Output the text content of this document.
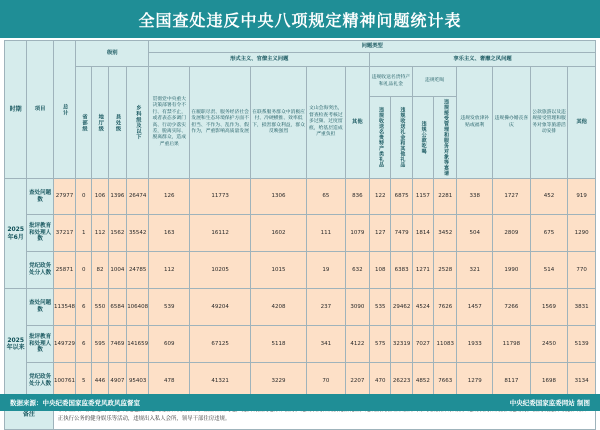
全国查处违反中央八项规定精神问题统计表
时期	项目	总计	级别				问题类型												
							形式主义、官僚主义问题					享乐主义、奢靡之风问题							
			省部级	地厅级	县处级	乡科级及以下	贯彻党中央重大决策部署有令不行、有禁不止，或者表态多调门高、行动少落实差，脱离实际、脱离群众，造成严重后果	在履职尽责、服务经济社会发展和生态环境保护方面不担当、不作为、乱作为、假作为，严重影响高质量发展	在联系服务群众中消极应付、冷硬横推、效率低下，损害群众利益，群众反映强烈	文山会海突出，督查检查考核过多过频、过度留痕，给基层造成严重负担	其他	违规收送名贵特产和礼品礼金		违规吃喝		违规发放津补贴或福利	违规操办婚丧喜庆	公款旅游以及违规接受管理和服务对象等旅游活动安排	其他
												违规收送名贵特产类礼品	违规收送礼金和其他礼品	违规公款吃喝	违规接受管理和服务对象等宴请				
2025年6月	查处问题数	27977	0	106	1396	26474	126	11773	1306	65	836	122	6875	1157	2281	338	1727	452	919
	批评教育和处理人数	37217	1	112	1562	35542	163	16112	1602	111	1079	127	7479	1814	3452	504	2809	675	1290
	党纪政务处分人数	25871	0	82	1004	24785	112	10205	1015	19	632	108	6383	1271	2528	321	1990	514	770
2025年以来	查处问题数	113548	6	550	6584	106408	539	49204	4208	237	3090	535	29462	4524	7626	1457	7266	1569	3831
	批评教育和处理人数	149729	6	595	7469	141659	609	67125	5118	341	4122	575	32319	7027	11083	1933	11798	2450	5139
	党纪政务处分人数	100761	5	446	4907	95403	478	41321	3229	70	2207	470	26223	4852	7663	1279	8117	1698	3134
备注		正执行公务的健身娱乐等活动，违规出入私人会所，领导干部住房违规。																	
数据来源：中央纪委国家监委党风政风监督室	中央纪委国家监委网站 制图
